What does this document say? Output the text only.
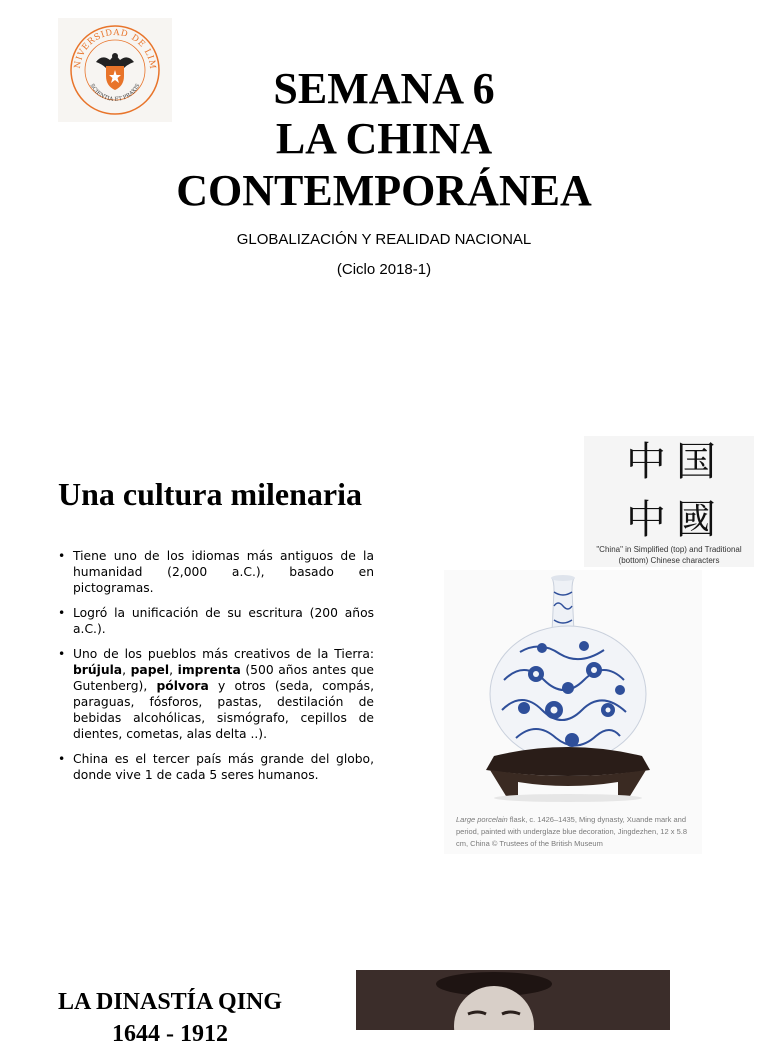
NIVERSIDAD DE LIM
SCIENTIA ET PRAXIS	SEMANA 6
LA CHINA
CONTEMPORÁNEA
GLOBALIZACIÓN Y REALIDAD NACIONAL
(Ciclo 2018-1)
Una cultura milenaria
• Tiene uno de los idiomas más antiguos de la humanidad (2,000 a.C.), basado en pictogramas.
• Logró la unificación de su escritura (200 años a.C.).
• Uno de los pueblos más creativos de la Tierra: brújula, papel, imprenta (500 años antes que Gutenberg), pólvora y otros (seda, compás, paraguas, fósforos, pastas, destilación de bebidas alcohólicas, sismógrafo, cepillos de dientes, cometas, alas delta ..).
• China es el tercer país más grande del globo, donde vive 1 de cada 5 seres humanos.
中国
中國
"China" in Simplified (top) and Traditional (bottom) Chinese characters
Large porcelain flask, c. 1426–1435, Ming dynasty, Xuande mark and period, painted with underglaze blue decoration, Jingdezhen, 12 x 5.8 cm, China © Trustees of the British Museum
LA DINASTÍA QING
1644 - 1912
